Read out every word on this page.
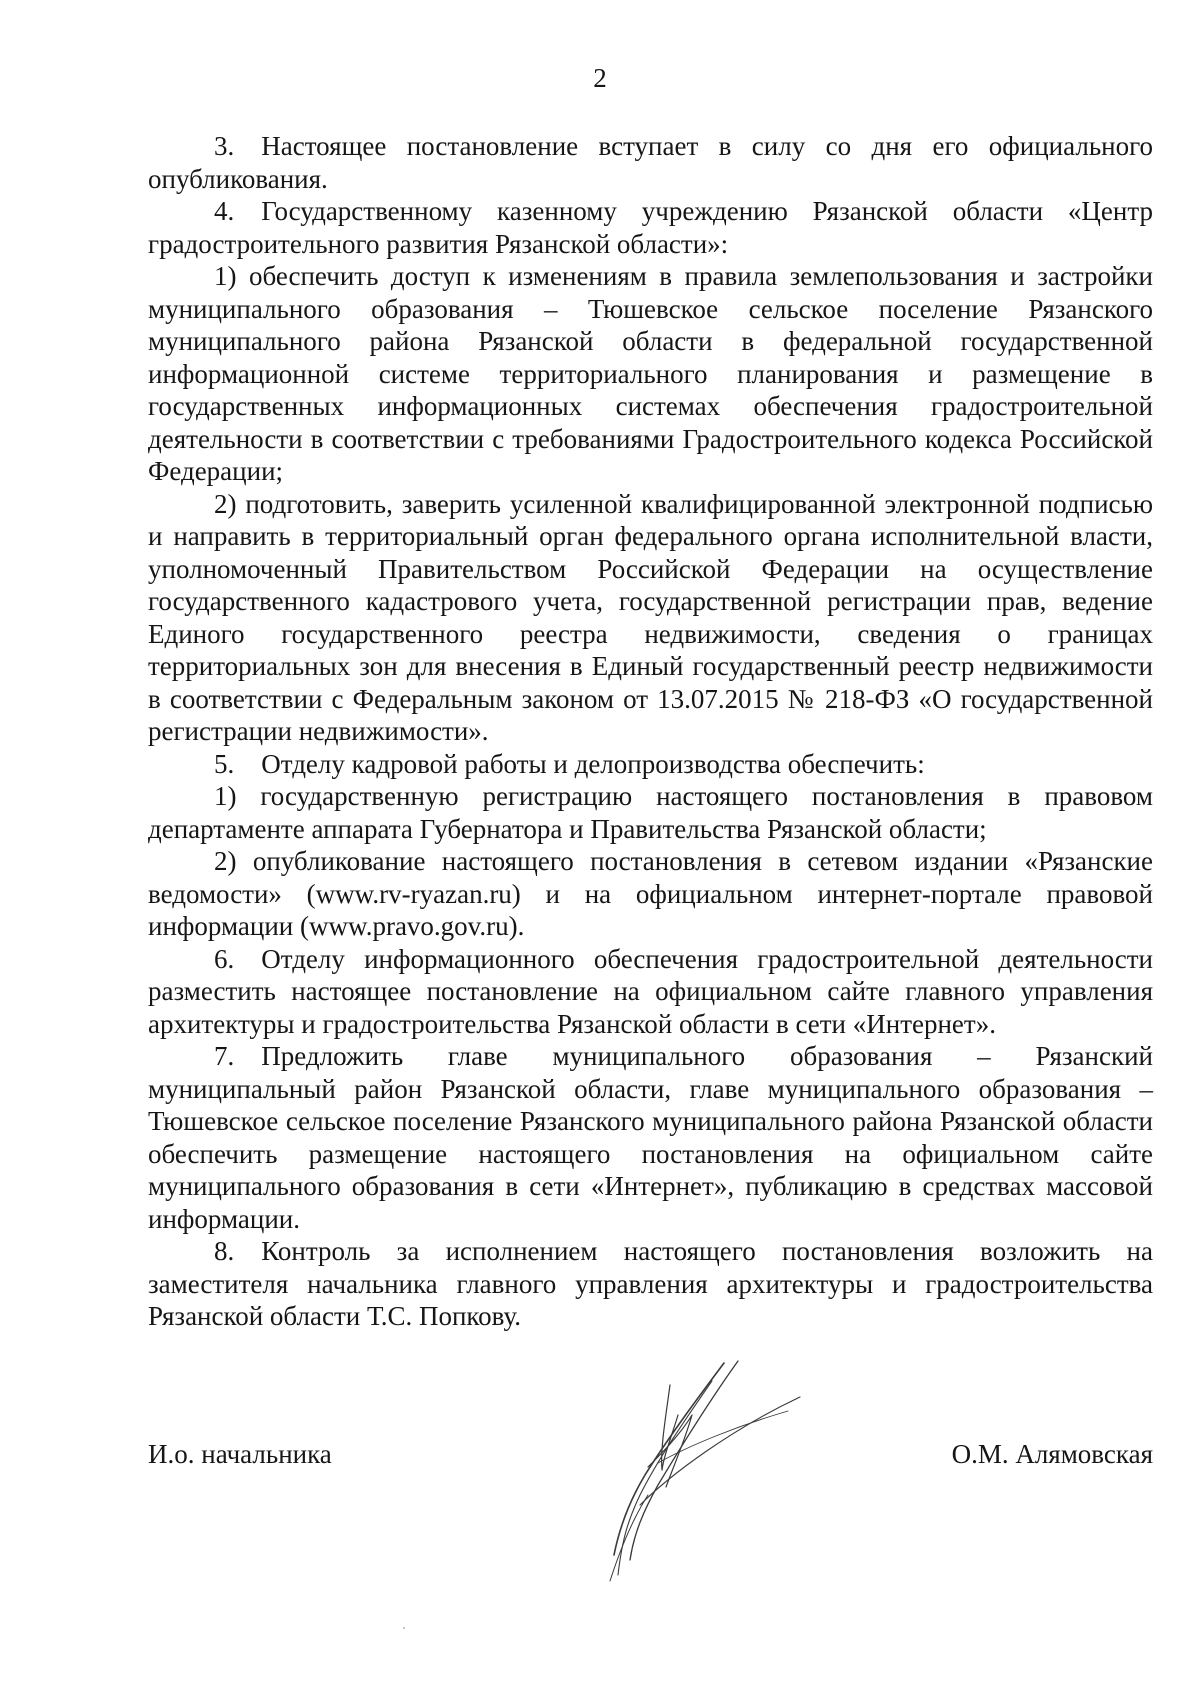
2

3. Настоящее постановление вступает в силу со дня его официального опубликования.

4. Государственному казенному учреждению Рязанской области «Центр градостроительного развития Рязанской области»:

1) обеспечить доступ к изменениям в правила землепользования и застройки муниципального образования – Тюшевское сельское поселение Рязанского муниципального района Рязанской области в федеральной государственной информационной системе территориального планирования и размещение в государственных информационных системах обеспечения градостроительной деятельности в соответствии с требованиями Градостроительного кодекса Российской Федерации;

2) подготовить, заверить усиленной квалифицированной электронной подписью и направить в территориальный орган федерального органа исполнительной власти, уполномоченный Правительством Российской Федерации на осуществление государственного кадастрового учета, государственной регистрации прав, ведение Единого государственного реестра недвижимости, сведения о границах территориальных зон для внесения в Единый государственный реестр недвижимости в соответствии с Федеральным законом от 13.07.2015 № 218-ФЗ «О государственной регистрации недвижимости».

5. Отделу кадровой работы и делопроизводства обеспечить:

1) государственную регистрацию настоящего постановления в правовом департаменте аппарата Губернатора и Правительства Рязанской области;

2) опубликование настоящего постановления в сетевом издании «Рязанские ведомости» (www.rv-ryazan.ru) и на официальном интернет-портале правовой информации (www.pravo.gov.ru).

6. Отделу информационного обеспечения градостроительной деятельности разместить настоящее постановление на официальном сайте главного управления архитектуры и градостроительства Рязанской области в сети «Интернет».

7. Предложить главе муниципального образования – Рязанский муниципальный район Рязанской области, главе муниципального образования – Тюшевское сельское поселение Рязанского муниципального района Рязанской области обеспечить размещение настоящего постановления на официальном сайте муниципального образования в сети «Интернет», публикацию в средствах массовой информации.

8. Контроль за исполнением настоящего постановления возложить на заместителя начальника главного управления архитектуры и градостроительства Рязанской области Т.С. Попкову.

И.о. начальника	О.М. Алямовская
